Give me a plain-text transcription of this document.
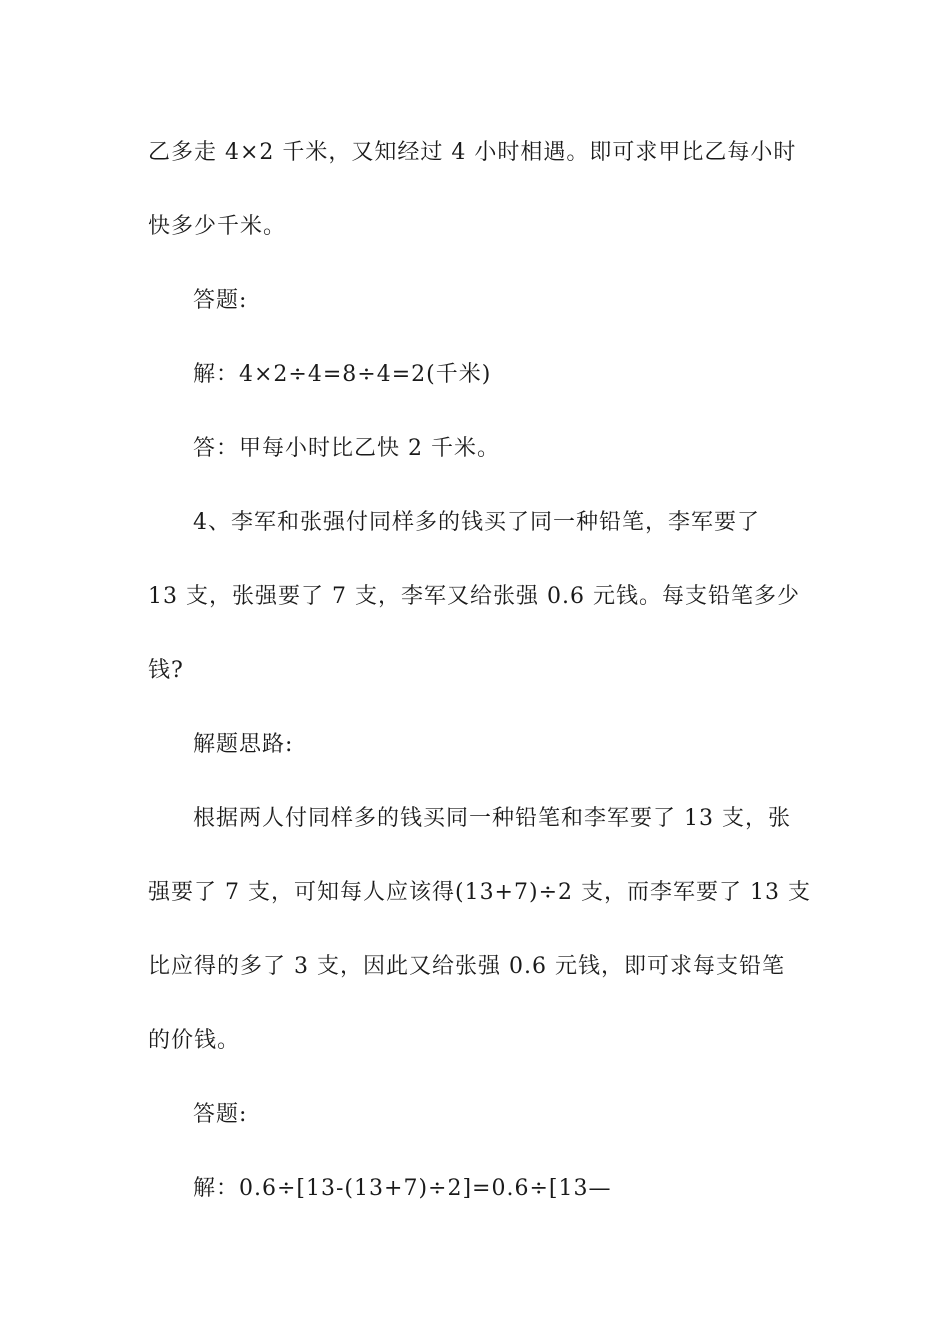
乙多走 4×2 千米，又知经过 4 小时相遇。即可求甲比乙每小时
快多少千米。
答题:
解：4×2÷4=8÷4=2(千米)
答：甲每小时比乙快 2 千米。
4、李军和张强付同样多的钱买了同一种铅笔，李军要了
13 支，张强要了 7 支，李军又给张强 0.6 元钱。每支铅笔多少
钱?
解题思路:
根据两人付同样多的钱买同一种铅笔和李军要了 13 支，张
强要了 7 支，可知每人应该得(13+7)÷2 支，而李军要了 13 支
比应得的多了 3 支，因此又给张强 0.6 元钱，即可求每支铅笔
的价钱。
答题:
解：0.6÷[13-(13+7)÷2]=0.6÷[13—
